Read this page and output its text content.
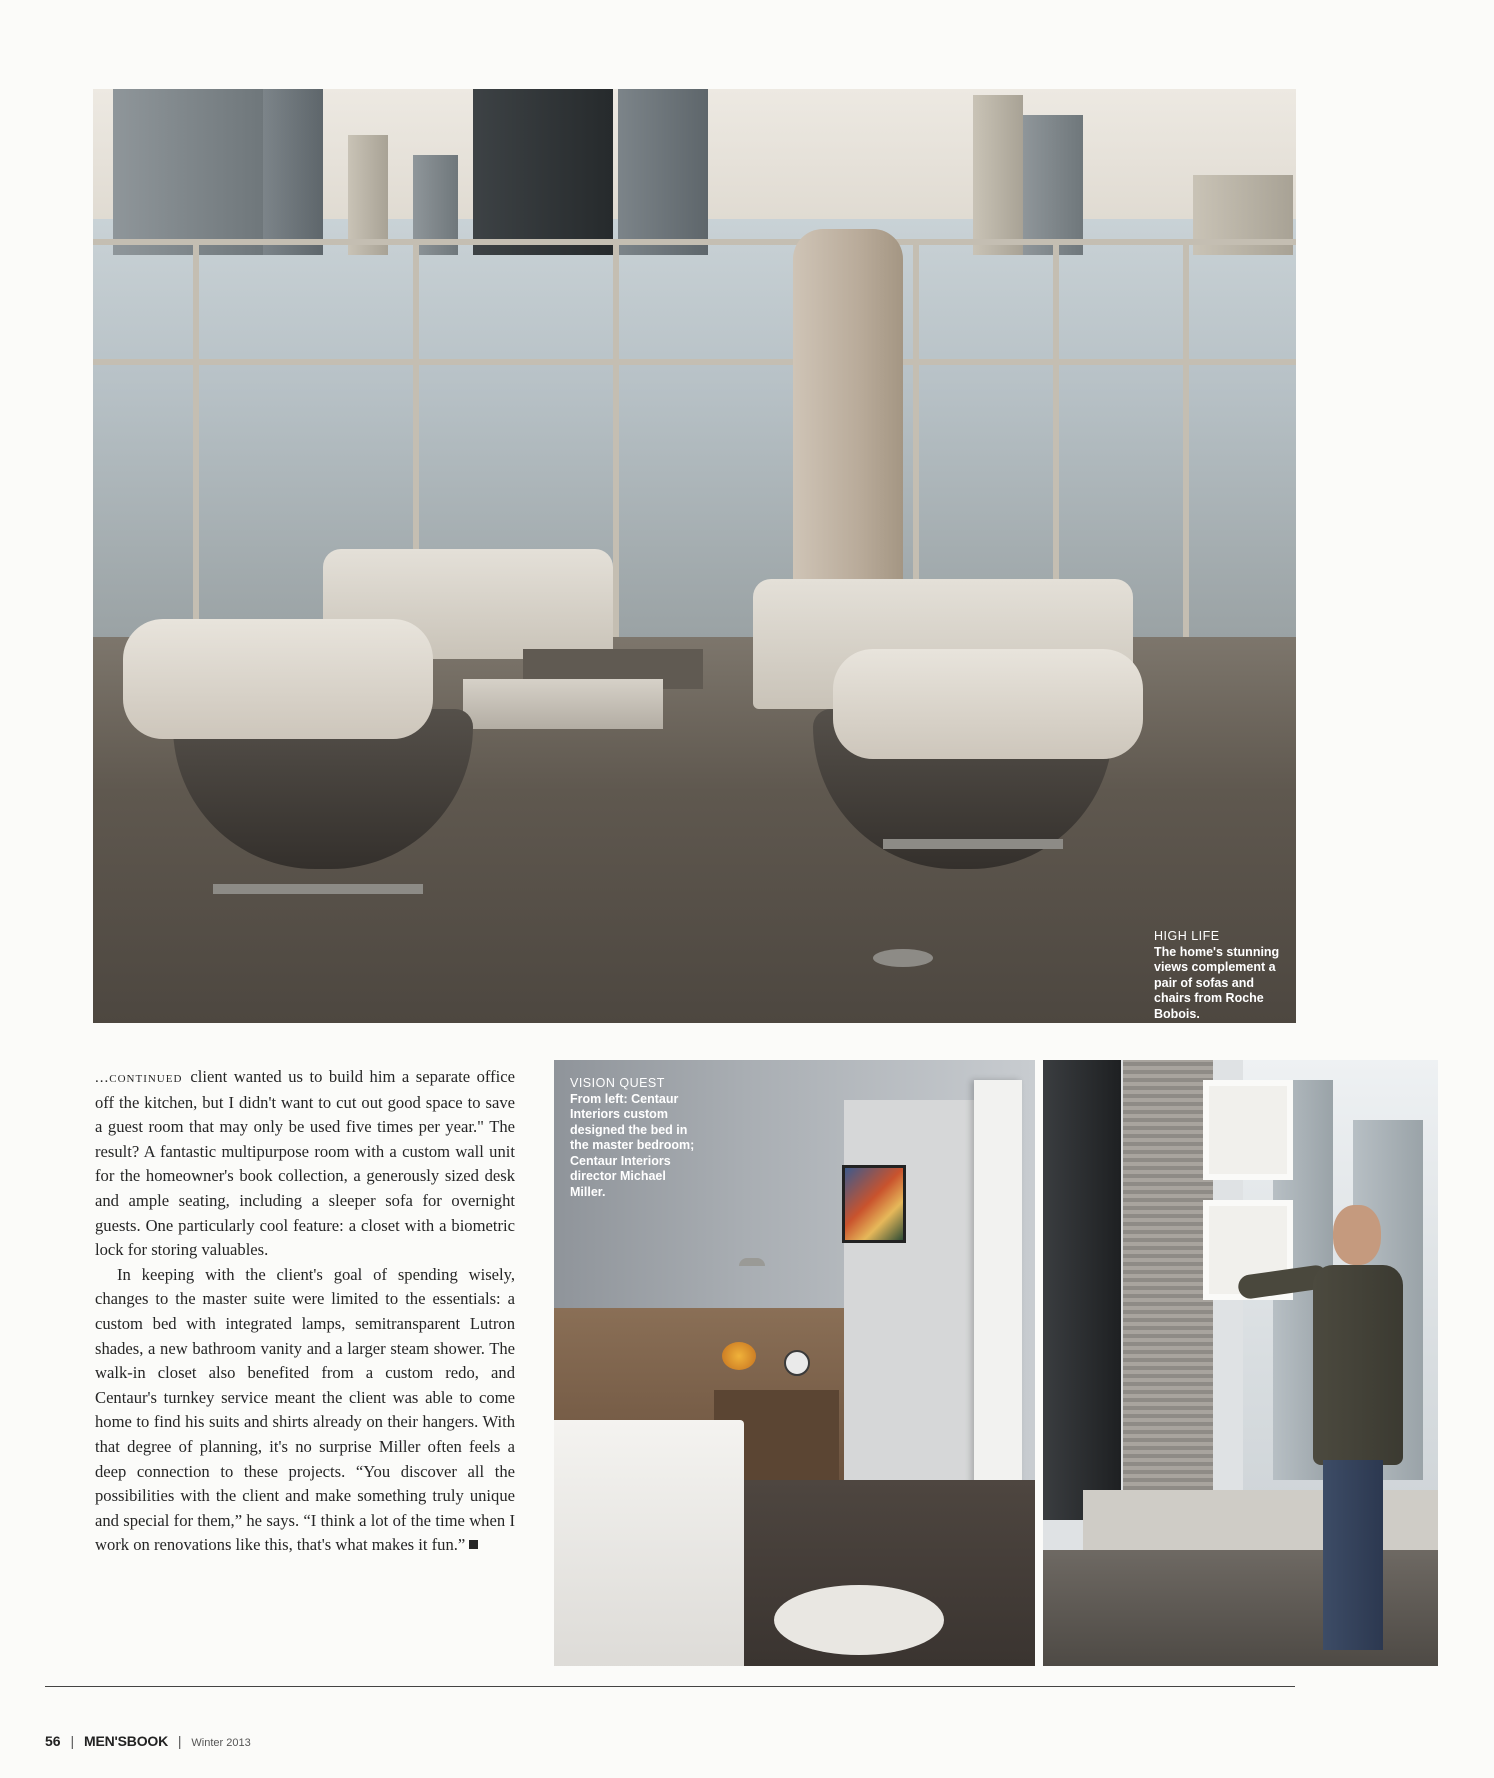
HIGH LIFE
The home's stunning views complement a pair of sofas and chairs from Roche Bobois.

...continued client wanted us to build him a separate office off the kitchen, but I didn't want to cut out good space to save a guest room that may only be used five times per year." The result? A fantastic multipurpose room with a custom wall unit for the homeowner's book collection, a generously sized desk and ample seating, including a sleeper sofa for overnight guests. One particularly cool feature: a closet with a biometric lock for storing valuables.

In keeping with the client's goal of spending wisely, changes to the master suite were limited to the essentials: a custom bed with integrated lamps, semitransparent Lutron shades, a new bathroom vanity and a larger steam shower. The walk-in closet also benefited from a custom redo, and Centaur's turnkey service meant the client was able to come home to find his suits and shirts already on their hangers. With that degree of planning, it's no surprise Miller often feels a deep connection to these projects. “You discover all the possibilities with the client and make something truly unique and special for them,” he says. “I think a lot of the time when I work on renovations like this, that's what makes it fun.”

VISION QUEST
From left: Centaur Interiors custom designed the bed in the master bedroom; Centaur Interiors director Michael Miller.
56 | MEN'SBOOK | Winter 2013
